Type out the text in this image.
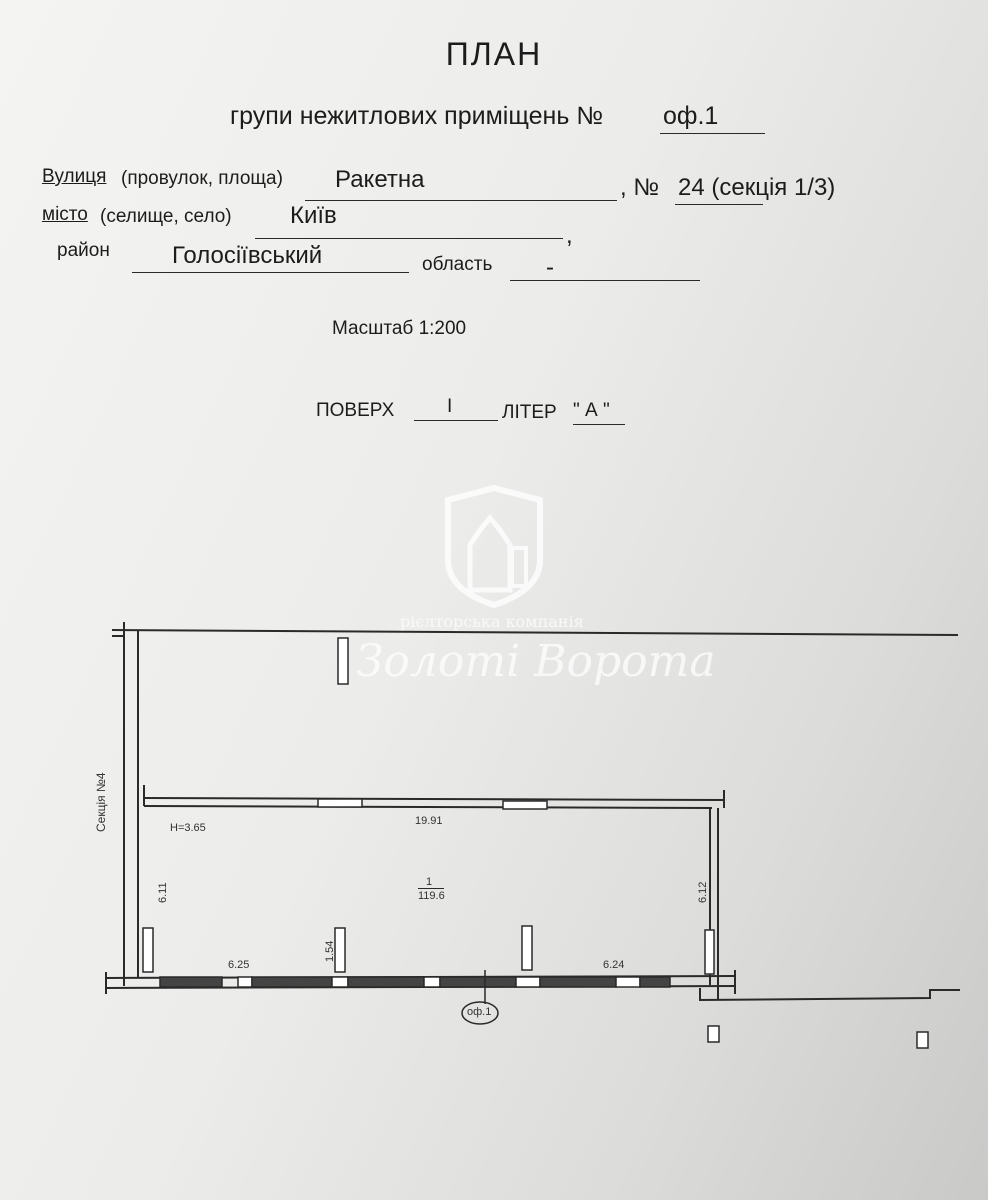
ПЛАН
групи нежитлових приміщень № оф.1
Вулиця (провулок, площа) Ракетна	, № 24 (секція 1/3)
місто (селище, село) Київ
,
район	Голосіївський	область -
Масштаб 1:200
ПОВЕРХ	І	ЛІТЕР " А "
Секція №4	Н=3.65
19.91
1
119.6
6.11	6.12
6.25	6.24
1.54
оф.1
рієлторська компанія
Золоті Ворота
